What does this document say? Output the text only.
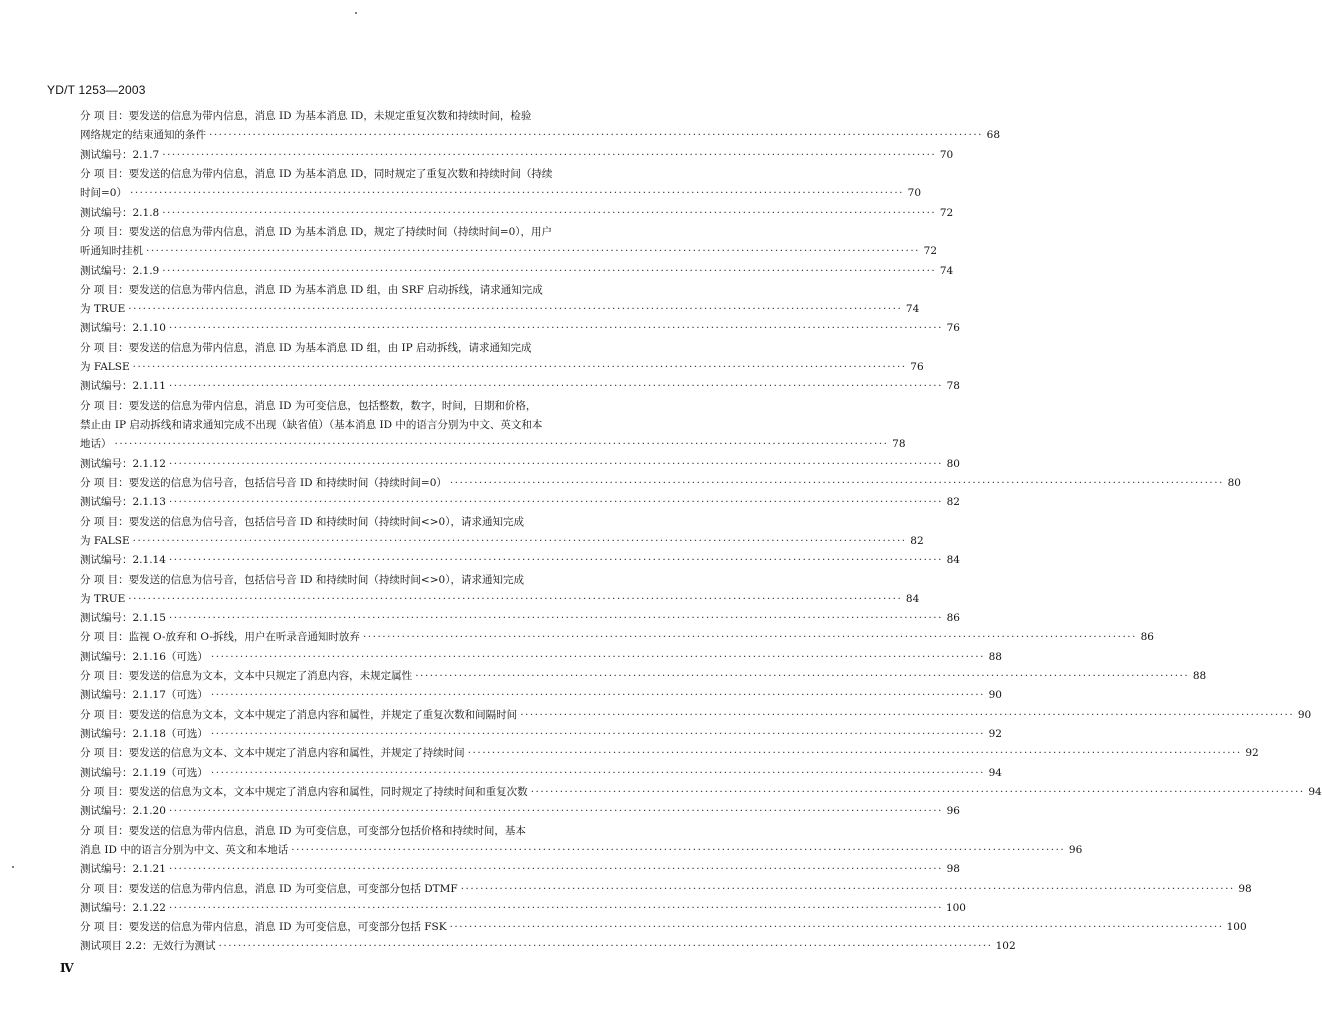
YD/T 1253—2003
分 项 目：要发送的信息为带内信息，消息 ID 为基本消息 ID，未规定重复次数和持续时间，检验
网络规定的结束通知的条件 ·····	68
测试编号：2.1.7 ·····	70
分 项 目：要发送的信息为带内信息，消息 ID 为基本消息 ID，同时规定了重复次数和持续时间（持续
时间=0） ·····	70
测试编号：2.1.8 ·····	72
分 项 目：要发送的信息为带内信息，消息 ID 为基本消息 ID，规定了持续时间（持续时间=0），用户
听通知时挂机 ·····	72
测试编号：2.1.9 ·····	74
分 项 目：要发送的信息为带内信息，消息 ID 为基本消息 ID 组，由 SRF 启动拆线，请求通知完成
为 TRUE ·····	74
测试编号：2.1.10 ·····	76
分 项 目：要发送的信息为带内信息，消息 ID 为基本消息 ID 组，由 IP 启动拆线，请求通知完成
为 FALSE ·····	76
测试编号：2.1.11 ·····	78
分 项 目：要发送的信息为带内信息，消息 ID 为可变信息，包括整数，数字，时间，日期和价格，
禁止由 IP 启动拆线和请求通知完成不出现（缺省值）（基本消息 ID 中的语言分别为中文、英文和本
地话） ·····	78
测试编号：2.1.12 ·····	80
分 项 目：要发送的信息为信号音，包括信号音 ID 和持续时间（持续时间=0） ·····	80
测试编号：2.1.13 ·····	82
分 项 目：要发送的信息为信号音，包括信号音 ID 和持续时间（持续时间<>0），请求通知完成
为 FALSE ·····	82
测试编号：2.1.14 ·····	84
分 项 目：要发送的信息为信号音，包括信号音 ID 和持续时间（持续时间<>0），请求通知完成
为 TRUE ·····	84
测试编号：2.1.15 ·····	86
分 项 目：监视 O-放弃和 O-拆线，用户在听录音通知时放弃 ·····	86
测试编号：2.1.16（可选） ·····	88
分 项 目：要发送的信息为文本，文本中只规定了消息内容，未规定属性 ·····	88
测试编号：2.1.17（可选） ·····	90
分 项 目：要发送的信息为文本，文本中规定了消息内容和属性，并规定了重复次数和间隔时间 ·····	90
测试编号：2.1.18（可选） ·····	92
分 项 目：要发送的信息为文本、文本中规定了消息内容和属性，并规定了持续时间 ·····	92
测试编号：2.1.19（可选） ·····	94
分 项 目：要发送的信息为文本，文本中规定了消息内容和属性，同时规定了持续时间和重复次数 ·····	94
测试编号：2.1.20 ·····	96
分 项 目：要发送的信息为带内信息，消息 ID 为可变信息，可变部分包括价格和持续时间，基本
消息 ID 中的语言分别为中文、英文和本地话 ·····	96
测试编号：2.1.21 ·····	98
分 项 目：要发送的信息为带内信息，消息 ID 为可变信息，可变部分包括 DTMF ·····	98
测试编号：2.1.22 ·····	100
分 项 目：要发送的信息为带内信息，消息 ID 为可变信息，可变部分包括 FSK ·····	100
测试项目 2.2：无效行为测试 ·····	102
Ⅳ
